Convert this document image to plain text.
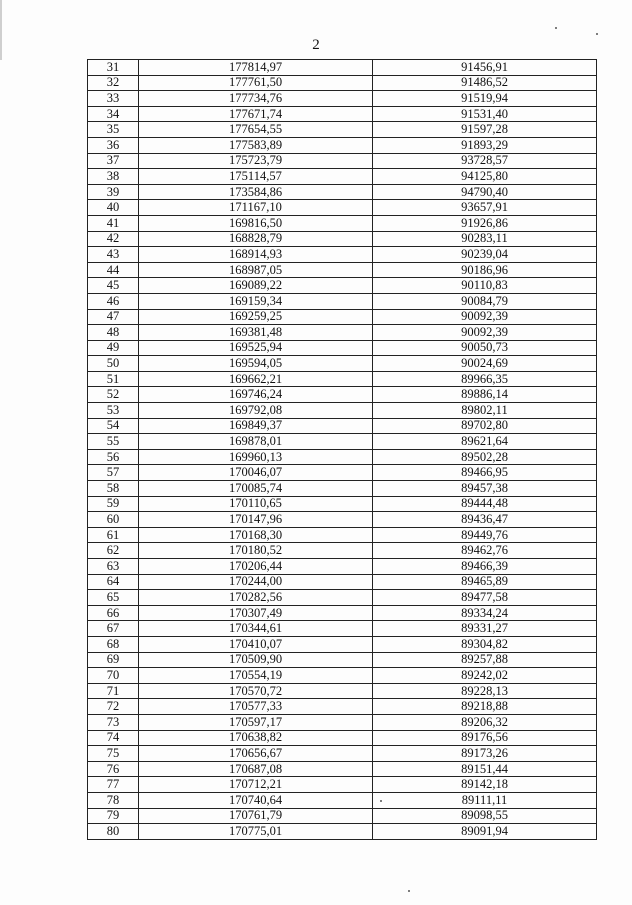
2
31	177814,97	91456,91
32	177761,50	91486,52
33	177734,76	91519,94
34	177671,74	91531,40
35	177654,55	91597,28
36	177583,89	91893,29
37	175723,79	93728,57
38	175114,57	94125,80
39	173584,86	94790,40
40	171167,10	93657,91
41	169816,50	91926,86
42	168828,79	90283,11
43	168914,93	90239,04
44	168987,05	90186,96
45	169089,22	90110,83
46	169159,34	90084,79
47	169259,25	90092,39
48	169381,48	90092,39
49	169525,94	90050,73
50	169594,05	90024,69
51	169662,21	89966,35
52	169746,24	89886,14
53	169792,08	89802,11
54	169849,37	89702,80
55	169878,01	89621,64
56	169960,13	89502,28
57	170046,07	89466,95
58	170085,74	89457,38
59	170110,65	89444,48
60	170147,96	89436,47
61	170168,30	89449,76
62	170180,52	89462,76
63	170206,44	89466,39
64	170244,00	89465,89
65	170282,56	89477,58
66	170307,49	89334,24
67	170344,61	89331,27
68	170410,07	89304,82
69	170509,90	89257,88
70	170554,19	89242,02
71	170570,72	89228,13
72	170577,33	89218,88
73	170597,17	89206,32
74	170638,82	89176,56
75	170656,67	89173,26
76	170687,08	89151,44
77	170712,21	89142,18
78	170740,64	89111,11
79	170761,79	89098,55
80	170775,01	89091,94
